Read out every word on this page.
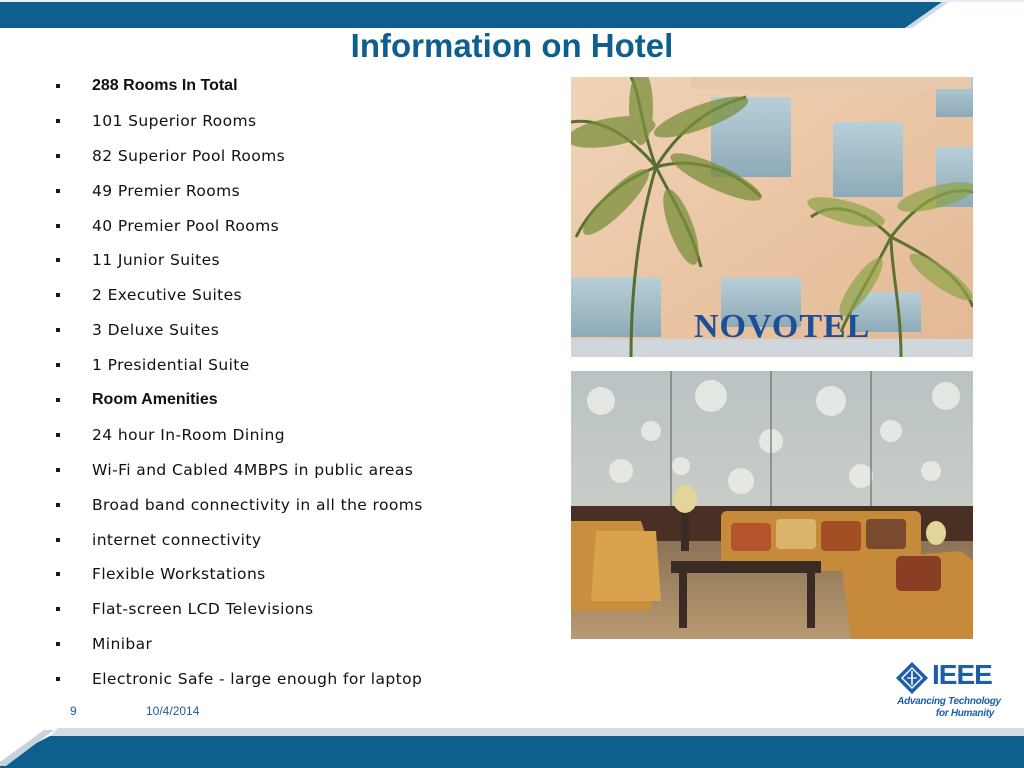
Information on Hotel
288 Rooms In Total
101 Superior Rooms
82 Superior Pool Rooms
49 Premier Rooms
40 Premier Pool Rooms
11 Junior Suites
2 Executive Suites
3 Deluxe Suites
1 Presidential Suite
Room Amenities
24 hour In-Room Dining
Wi-Fi and Cabled 4MBPS in public areas
Broad band connectivity in all the rooms
internet connectivity
Flexible Workstations
Flat-screen LCD Televisions
Minibar
Electronic Safe - large enough for laptop
NOVOTEL
9	10/4/2014
IEEE
Advancing Technology
for Humanity
